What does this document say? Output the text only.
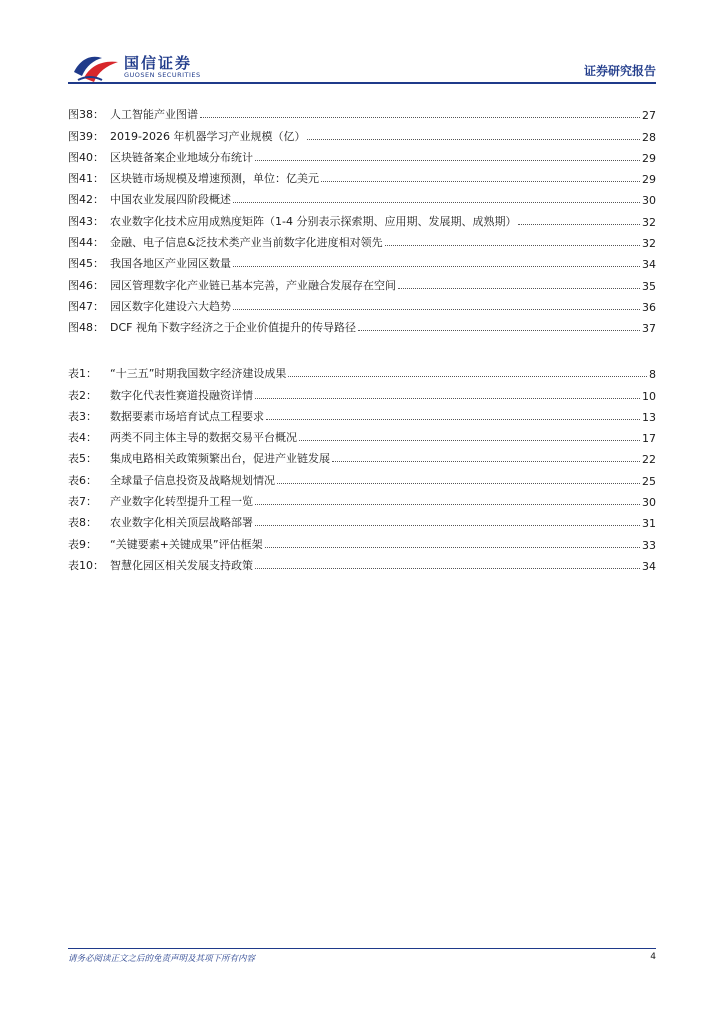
国信证券
GUOSEN SECURITIES	证券研究报告
图38： 人工智能产业图谱	27
图39： 2019-2026 年机器学习产业规模（亿）	28
图40： 区块链备案企业地域分布统计	29
图41： 区块链市场规模及增速预测，单位：亿美元	29
图42： 中国农业发展四阶段概述	30
图43： 农业数字化技术应用成熟度矩阵（1-4 分别表示探索期、应用期、发展期、成熟期）	32
图44： 金融、电子信息&泛技术类产业当前数字化进度相对领先	32
图45： 我国各地区产业园区数量	34
图46： 园区管理数字化产业链已基本完善，产业融合发展存在空间	35
图47： 园区数字化建设六大趋势	36
图48： DCF 视角下数字经济之于企业价值提升的传导路径	37
表1：	“十三五”时期我国数字经济建设成果	8
表2：	数字化代表性赛道投融资详情	10
表3：	数据要素市场培育试点工程要求	13
表4：	两类不同主体主导的数据交易平台概况	17
表5：	集成电路相关政策频繁出台，促进产业链发展	22
表6：	全球量子信息投资及战略规划情况	25
表7：	产业数字化转型提升工程一览	30
表8：	农业数字化相关顶层战略部署	31
表9：	“关键要素+关键成果”评估框架	33
表10： 智慧化园区相关发展支持政策	34
请务必阅读正文之后的免责声明及其项下所有内容	4
